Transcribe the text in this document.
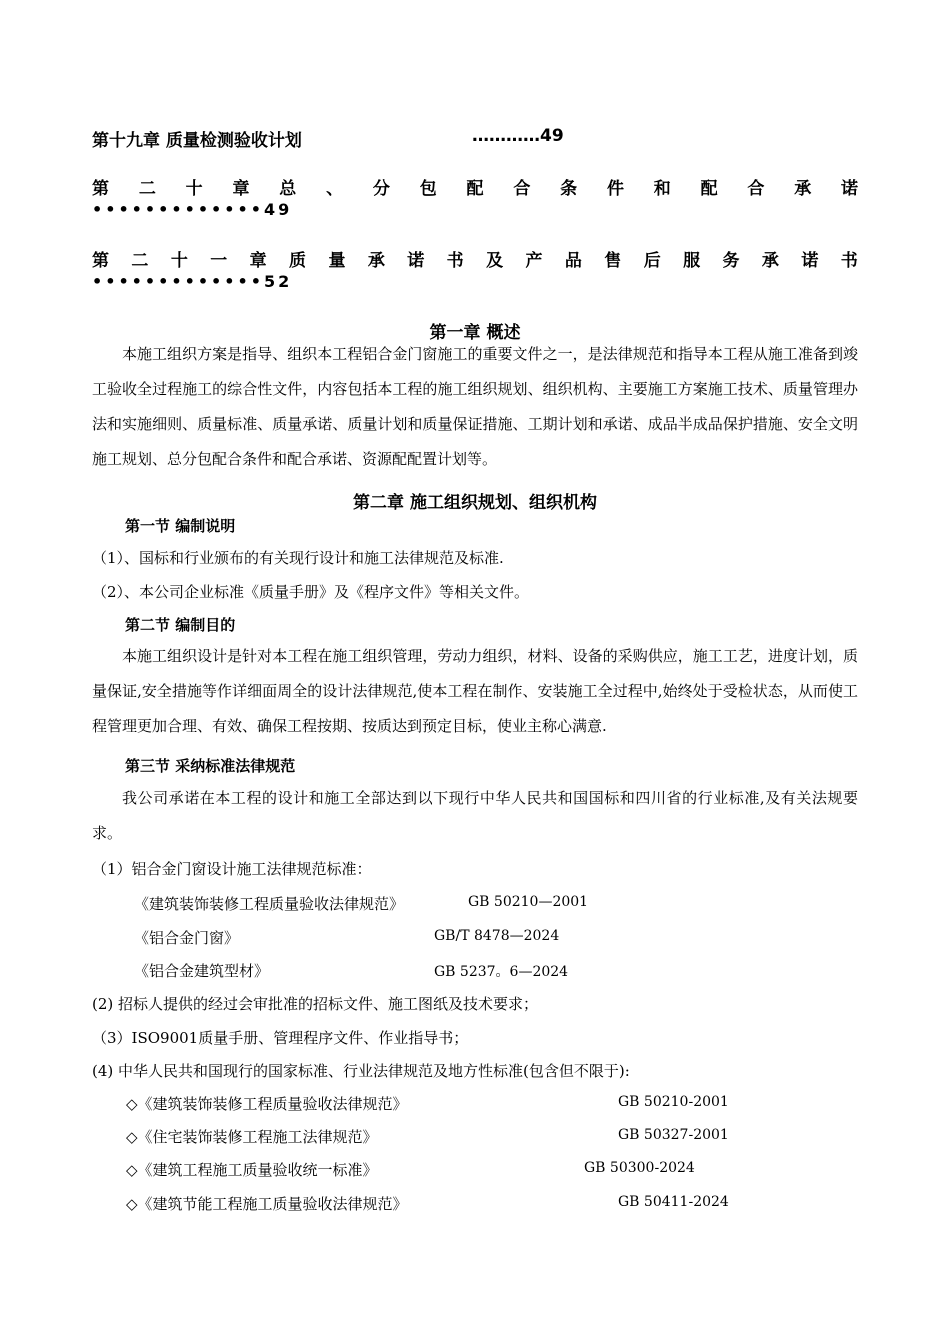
第十九章 质量检测验收计划	…………49
第 二 十 章 总 、 分 包 配 合 条 件 和 配 合 承 诺
•••••••••••••49
第 二 十 一 章 质 量 承 诺 书 及 产 品 售 后 服 务 承 诺 书
•••••••••••••52
第一章 概述
本施工组织方案是指导、组织本工程铝合金门窗施工的重要文件之一，是法律规范和指导本工程从施工准备到竣工验收全过程施工的综合性文件，内容包括本工程的施工组织规划、组织机构、主要施工方案施工技术、质量管理办法和实施细则、质量标准、质量承诺、质量计划和质量保证措施、工期计划和承诺、成品半成品保护措施、安全文明施工规划、总分包配合条件和配合承诺、资源配配置计划等。
第二章 施工组织规划、组织机构
第一节 编制说明
（1）、国标和行业颁布的有关现行设计和施工法律规范及标准.
（2）、本公司企业标准《质量手册》及《程序文件》等相关文件。
第二节 编制目的
本施工组织设计是针对本工程在施工组织管理，劳动力组织，材料、设备的采购供应，施工工艺，进度计划，质量保证,安全措施等作详细面周全的设计法律规范,使本工程在制作、安装施工全过程中,始终处于受检状态，从而使工程管理更加合理、有效、确保工程按期、按质达到预定目标，使业主称心满意.
第三节 采纳标准法律规范
我公司承诺在本工程的设计和施工全部达到以下现行中华人民共和国国标和四川省的行业标准,及有关法规要求。
（1）铝合金门窗设计施工法律规范标准：
《建筑装饰装修工程质量验收法律规范》	GB 50210—2001
《铝合金门窗》	GB/T 8478—2024
《铝合金建筑型材》	GB 5237。6—2024
(2) 招标人提供的经过会审批准的招标文件、施工图纸及技术要求；
（3）ISO9001质量手册、管理程序文件、作业指导书；
(4) 中华人民共和国现行的国家标准、行业法律规范及地方性标准(包含但不限于):
◇《建筑装饰装修工程质量验收法律规范》	GB 50210-2001
◇《住宅装饰装修工程施工法律规范》	GB 50327-2001
◇《建筑工程施工质量验收统一标准》	GB 50300-2024
◇《建筑节能工程施工质量验收法律规范》	GB 50411-2024
